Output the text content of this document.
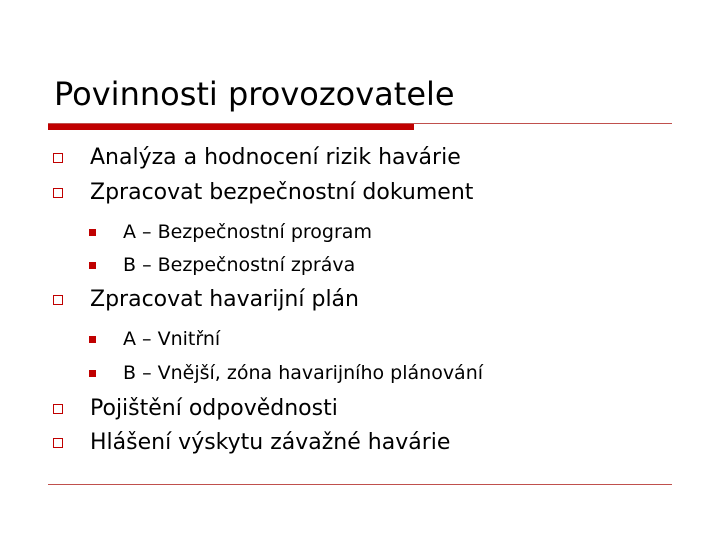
Povinnosti provozovatele
Analýza a hodnocení rizik havárie
Zpracovat bezpečnostní dokument
A – Bezpečnostní program
B – Bezpečnostní zpráva
Zpracovat havarijní plán
A – Vnitřní
B – Vnější, zóna havarijního plánování
Pojištění odpovědnosti
Hlášení výskytu závažné havárie
